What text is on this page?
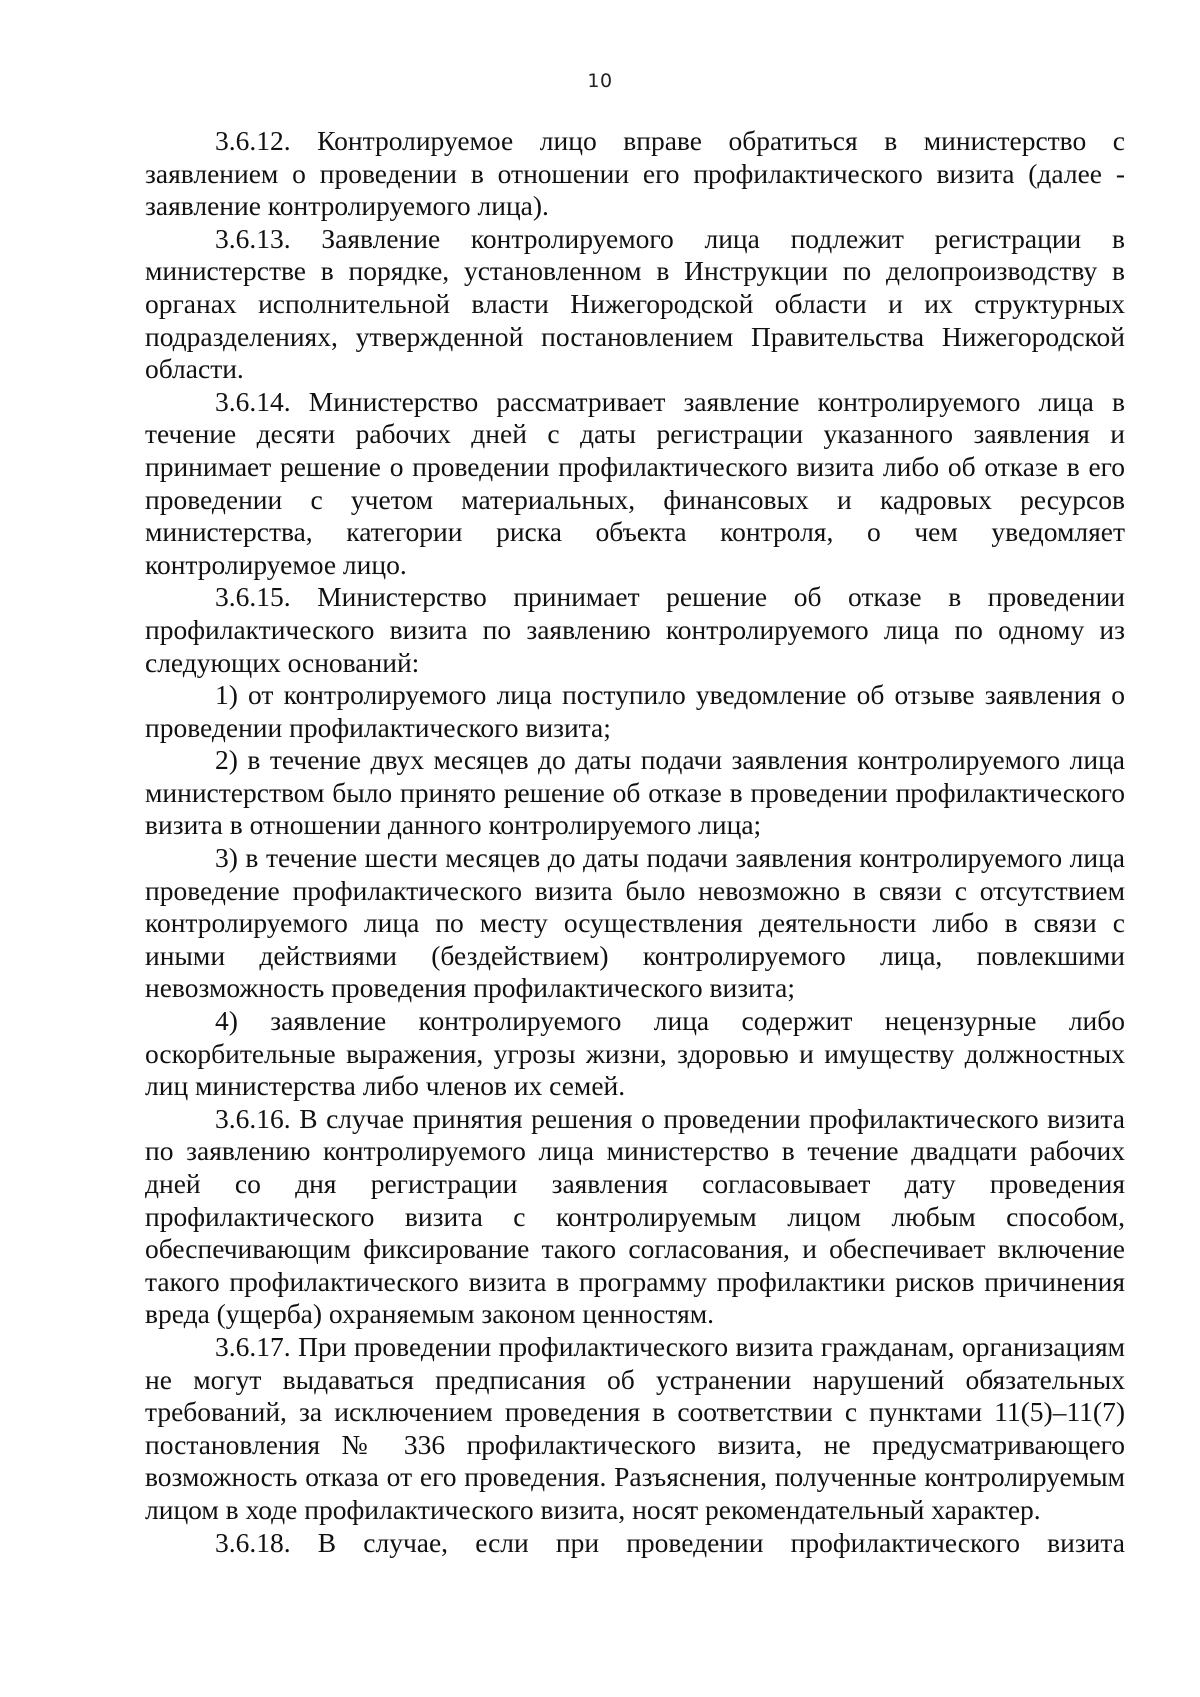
10

3.6.12. Контролируемое лицо вправе обратиться в министерство с заявлением о проведении в отношении его профилактического визита (далее - заявление контролируемого лица).

3.6.13. Заявление контролируемого лица подлежит регистрации в министерстве в порядке, установленном в Инструкции по делопроизводству в органах исполнительной власти Нижегородской области и их структурных подразделениях, утвержденной постановлением Правительства Нижегородской области.

3.6.14. Министерство рассматривает заявление контролируемого лица в течение десяти рабочих дней с даты регистрации указанного заявления и принимает решение о проведении профилактического визита либо об отказе в его проведении с учетом материальных, финансовых и кадровых ресурсов министерства, категории риска объекта контроля, о чем уведомляет контролируемое лицо.

3.6.15. Министерство принимает решение об отказе в проведении профилактического визита по заявлению контролируемого лица по одному из следующих оснований:

1) от контролируемого лица поступило уведомление об отзыве заявления о проведении профилактического визита;

2) в течение двух месяцев до даты подачи заявления контролируемого лица министерством было принято решение об отказе в проведении профилактического визита в отношении данного контролируемого лица;

3) в течение шести месяцев до даты подачи заявления контролируемого лица проведение профилактического визита было невозможно в связи с отсутствием контролируемого лица по месту осуществления деятельности либо в связи с иными действиями (бездействием) контролируемого лица, повлекшими невозможность проведения профилактического визита;

4) заявление контролируемого лица содержит нецензурные либо оскорбительные выражения, угрозы жизни, здоровью и имуществу должностных лиц министерства либо членов их семей.

3.6.16. В случае принятия решения о проведении профилактического визита по заявлению контролируемого лица министерство в течение двадцати рабочих дней со дня регистрации заявления согласовывает дату проведения профилактического визита с контролируемым лицом любым способом, обеспечивающим фиксирование такого согласования, и обеспечивает включение такого профилактического визита в программу профилактики рисков причинения вреда (ущерба) охраняемым законом ценностям.

3.6.17. При проведении профилактического визита гражданам, организациям не могут выдаваться предписания об устранении нарушений обязательных требований, за исключением проведения в соответствии с пунктами 11(5)–11(7) постановления № 336 профилактического визита, не предусматривающего возможность отказа от его проведения. Разъяснения, полученные контролируемым лицом в ходе профилактического визита, носят рекомендательный характер.

3.6.18. В случае, если при проведении профилактического визита
